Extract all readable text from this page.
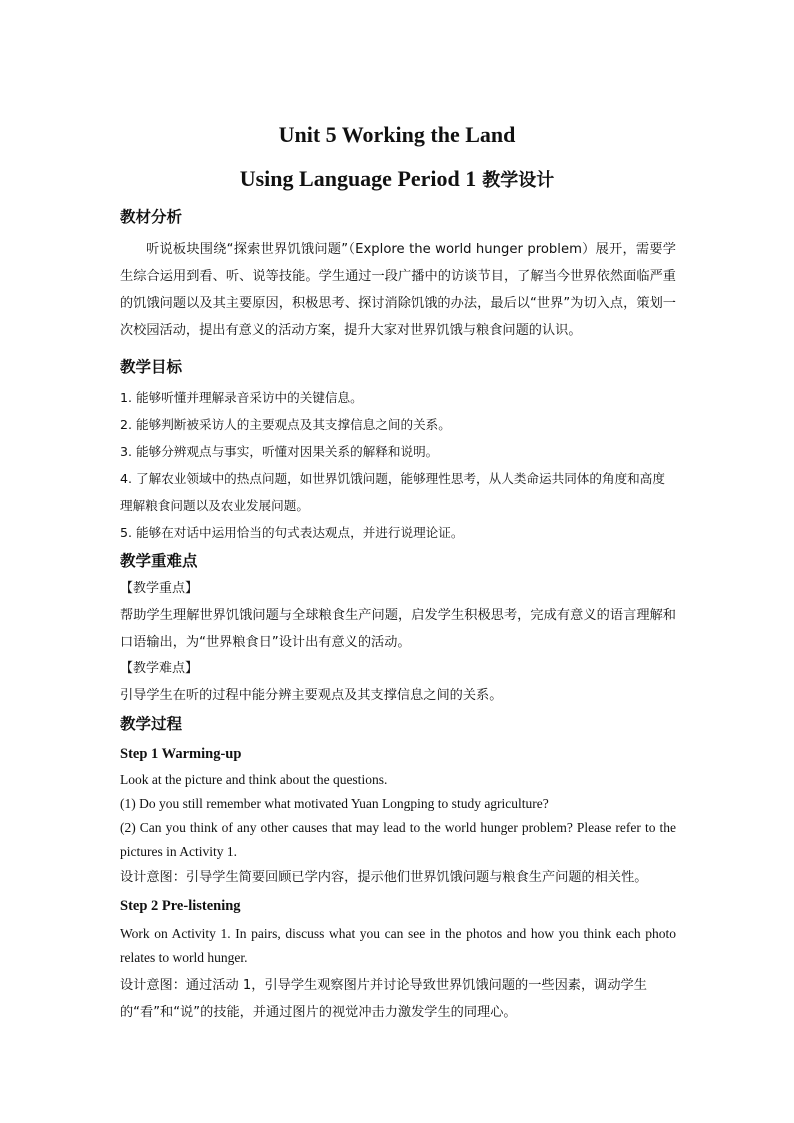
Unit 5 Working the Land
Using Language Period 1 教学设计

教材分析

听说板块围绕“探索世界饥饿问题”（Explore the world hunger problem）展开，需要学生综合运用到看、听、说等技能。学生通过一段广播中的访谈节目，了解当今世界依然面临严重的饥饿问题以及其主要原因，积极思考、探讨消除饥饿的办法，最后以“世界”为切入点，策划一次校园活动，提出有意义的活动方案，提升大家对世界饥饿与粮食问题的认识。

教学目标

1. 能够听懂并理解录音采访中的关键信息。

2. 能够判断被采访人的主要观点及其支撑信息之间的关系。

3. 能够分辨观点与事实，听懂对因果关系的解释和说明。

4. 了解农业领域中的热点问题，如世界饥饿问题，能够理性思考，从人类命运共同体的角度和高度理解粮食问题以及农业发展问题。

5. 能够在对话中运用恰当的句式表达观点，并进行说理论证。

教学重难点

【教学重点】

帮助学生理解世界饥饿问题与全球粮食生产问题，启发学生积极思考，完成有意义的语言理解和口语输出，为“世界粮食日”设计出有意义的活动。

【教学难点】

引导学生在听的过程中能分辨主要观点及其支撑信息之间的关系。

教学过程

Step 1 Warming-up

Look at the picture and think about the questions.

(1) Do you still remember what motivated Yuan Longping to study agriculture?

(2) Can you think of any other causes that may lead to the world hunger problem? Please refer to the pictures in Activity 1.

设计意图：引导学生简要回顾已学内容，提示他们世界饥饿问题与粮食生产问题的相关性。

Step 2 Pre-listening

Work on Activity 1. In pairs, discuss what you can see in the photos and how you think each photo relates to world hunger.

设计意图：通过活动 1，引导学生观察图片并讨论导致世界饥饿问题的一些因素，调动学生的“看”和“说”的技能，并通过图片的视觉冲击力激发学生的同理心。
